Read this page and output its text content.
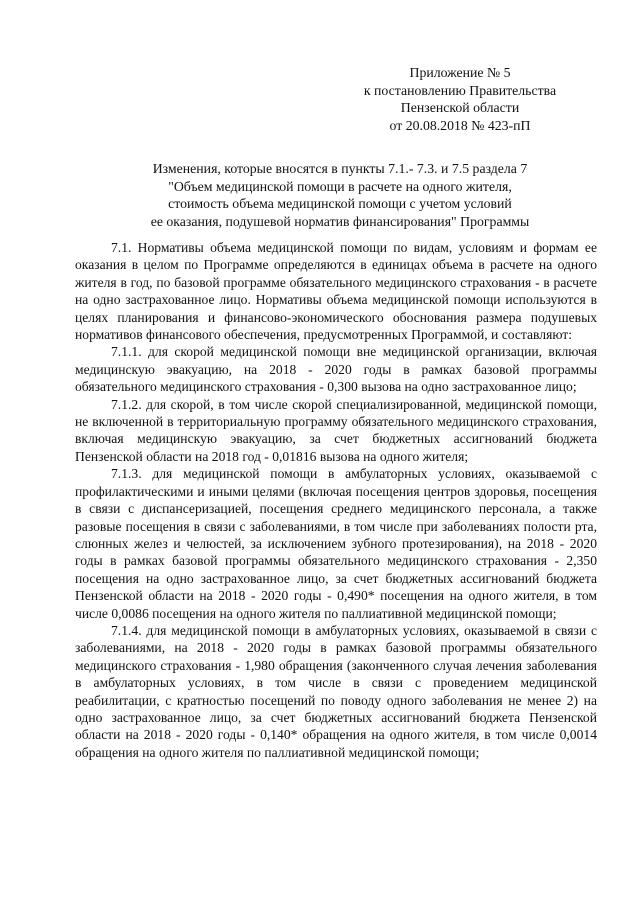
Приложение № 5
к постановлению Правительства
Пензенской области
от 20.08.2018 № 423-пП
Изменения, которые вносятся в пункты 7.1.- 7.3. и 7.5 раздела 7
"Объем медицинской помощи в расчете на одного жителя,
стоимость объема медицинской помощи с учетом условий
ее оказания, подушевой норматив финансирования" Программы

7.1. Нормативы объема медицинской помощи по видам, условиям и формам ее оказания в целом по Программе определяются в единицах объема в расчете на одного жителя в год, по базовой программе обязательного медицинского страхования - в расчете на одно застрахованное лицо. Нормативы объема медицинской помощи используются в целях планирования и финансово-экономического обоснования размера подушевых нормативов финансового обеспечения, предусмотренных Программой, и составляют:

7.1.1. для скорой медицинской помощи вне медицинской организации, включая медицинскую эвакуацию, на 2018 - 2020 годы в рамках базовой программы обязательного медицинского страхования - 0,300 вызова на одно застрахованное лицо;

7.1.2. для скорой, в том числе скорой специализированной, медицинской помощи, не включенной в территориальную программу обязательного медицинского страхования, включая медицинскую эвакуацию, за счет бюджетных ассигнований бюджета Пензенской области на 2018 год - 0,01816 вызова на одного жителя;

7.1.3. для медицинской помощи в амбулаторных условиях, оказываемой с профилактическими и иными целями (включая посещения центров здоровья, посещения в связи с диспансеризацией, посещения среднего медицинского персонала, а также разовые посещения в связи с заболеваниями, в том числе при заболеваниях полости рта, слюнных желез и челюстей, за исключением зубного протезирования), на 2018 - 2020 годы в рамках базовой программы обязательного медицинского страхования - 2,350 посещения на одно застрахованное лицо, за счет бюджетных ассигнований бюджета Пензенской области на 2018 - 2020 годы - 0,490* посещения на одного жителя, в том числе 0,0086 посещения на одного жителя по паллиативной медицинской помощи;

7.1.4. для медицинской помощи в амбулаторных условиях, оказываемой в связи с заболеваниями, на 2018 - 2020 годы в рамках базовой программы обязательного медицинского страхования - 1,980 обращения (законченного случая лечения заболевания в амбулаторных условиях, в том числе в связи с проведением медицинской реабилитации, с кратностью посещений по поводу одного заболевания не менее 2) на одно застрахованное лицо, за счет бюджетных ассигнований бюджета Пензенской области на 2018 - 2020 годы - 0,140* обращения на одного жителя, в том числе 0,0014 обращения на одного жителя по паллиативной медицинской помощи;
